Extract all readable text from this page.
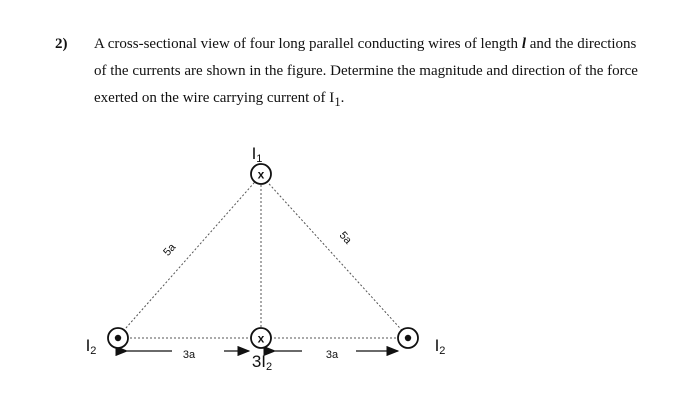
2) A cross-sectional view of four long parallel conducting wires of length l and the directions
of the currents are shown in the figure. Determine the magnitude and direction of the force
exerted on the wire carrying current of $I_1$.
5a
5a
3a	3a
x
I1
I2
x
3I2
I2
